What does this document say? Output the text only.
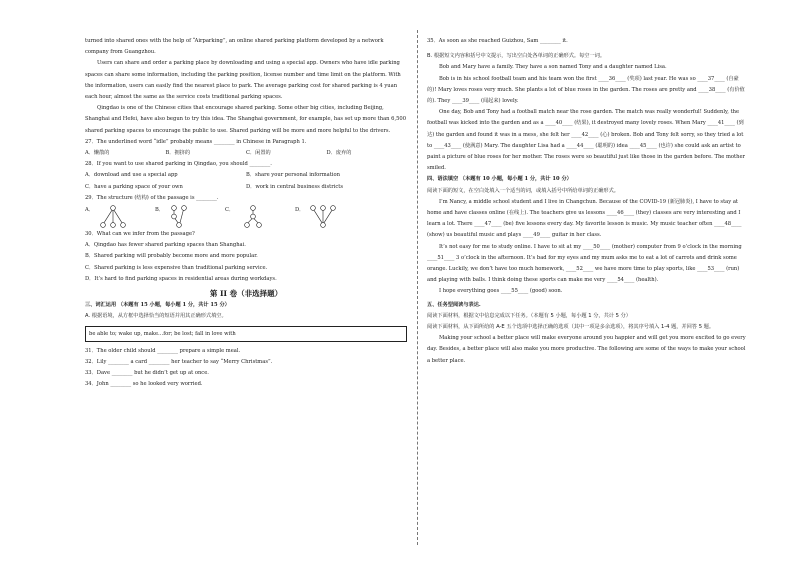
turned into shared ones with the help of “Airparking”, an online shared parking platform developed by a network company from Guangzhou.

Users can share and order a parking place by downloading and using a special app. Owners who have idle parking spaces can share some information, including the parking position, license number and time limit on the platform. With the information, users can easily find the nearest place to park. The average parking cost for shared parking is 4 yuan each hour, almost the same as the service costs traditional parking spaces.

Qingdao is one of the Chinese cities that encourage shared parking. Some other big cities, including Beijing, Shanghai and Hefei, have also begun to try this idea. The Shanghai government, for example, has set up more than 6,500 shared parking spaces to encourage the public to use. Shared parking will be more and more helpful to the drivers.

27．The underlined word “idle” probably means ________ in Chinese in Paragraph 1.

A．懒散的	B．拥挤的	C．闲置的	D．废弃的

28．If you want to use shared parking in Qingdao, you should ________.

A．download and use a special app	B．share your personal information
C．have a parking space of your own	D．work in central business districts

29．The structure (结构) of the passage is ________.

A．	B．	C．	D．

30．What can we infer from the passage?

A．Qingdao has fewer shared parking spaces than Shanghai.

B．Shared parking will probably become more and more popular.

C．Shared parking is less expensive than traditional parking service.

D．It’s hard to find parking spaces in residential areas during workdays.

第 II 卷（非选择题）

三、词汇运用 （本题有 15 小题，每小题 1 分，共计 15 分）

A. 根据语境，从方框中选择恰当的短语并用其正确形式填空。

be able to; wake up, make…for; be lost; fall in love with

31．The older child should ________ prepare a simple meal.

32．Lily ________ a card ________ her teacher to say “Merry Christmas”.

33．Dave ________ but he didn’t get up at once.

34．John ________ so he looked very worried.

35．As soon as she reached Guizhou, Sam ________ it.

B. 根据短文内容和括号中文提示，写出空白处各单词的正确形式。每空一词。

Bob and Mary have a family. They have a son named Tony and a daughter named Lisa.

Bob is in his school football team and his team won the first ____36____ (奖项) last year. He was so ____37____ (自豪的)! Mary loves roses very much. She plants a lot of blue roses in the garden. The roses are pretty and ____38____ (有价值的). They ____39____ (闻起来) lovely.

One day, Bob and Tony had a football match near the rose garden. The match was really wonderful! Suddenly, the football was kicked into the garden and as a ____40____ (结果), it destroyed many lovely roses. When Mary ____41____ (到达) the garden and found it was in a mess, she felt her ____42____ (心) broken. Bob and Tony felt sorry, so they tried a lot to ____43____ (使满意) Mary. The daughter Lisa had a ____44____ (聪明的) idea ____45____ (也许) she could ask an artist to paint a picture of blue roses for her mother. The roses were so beautiful just like those in the garden before. The mother smiled.

四、语法填空 （本题有 10 小题，每小题 1 分，共计 10 分）

阅读下面的短文，在空白处填入一个适当的词，或填入括号中所给单词的正确形式。

I’m Nancy, a middle school student and I live in Changchun. Because of the COVID-19 (新冠肺炎), I have to stay at home and have classes online (在线上). The teachers give us lessons ____46____ (they) classes are very interesting and I learn a lot. There ____47____ (be) five lessons every day. My favorite lesson is music. My music teacher often ____48____ (show) us beautiful music and plays ____49____ guitar in her class.

It’s not easy for me to study online. I have to sit at my ____50____ (mother) computer from 9 o’clock in the morning ____51____ 3 o’clock in the afternoon. It’s bad for my eyes and my mum asks me to eat a lot of carrots and drink some orange. Luckily, we don’t have too much homework, ____52____ we have more time to play sports, like ____53____ (run) and playing with balls. I think doing these sports can make me very ____54____ (health).

I hope everything goes ____55____ (good) soon.

五、任务型阅读与表达.

阅读下面材料，根据文中信息完成以下任务。（本题有 5 小题，每小题 1 分，共计 5 分）

阅读下面材料，从下面所给的 A-E 五个选项中选择正确的选项（其中一项是多余选项），将其序号填入 1-4 题，并回答 5 题。

Making your school a better place will make everyone around you happier and will get you more excited to go every day. Besides, a better place will also make you more productive. The following are some of the ways to make your school a better place.
